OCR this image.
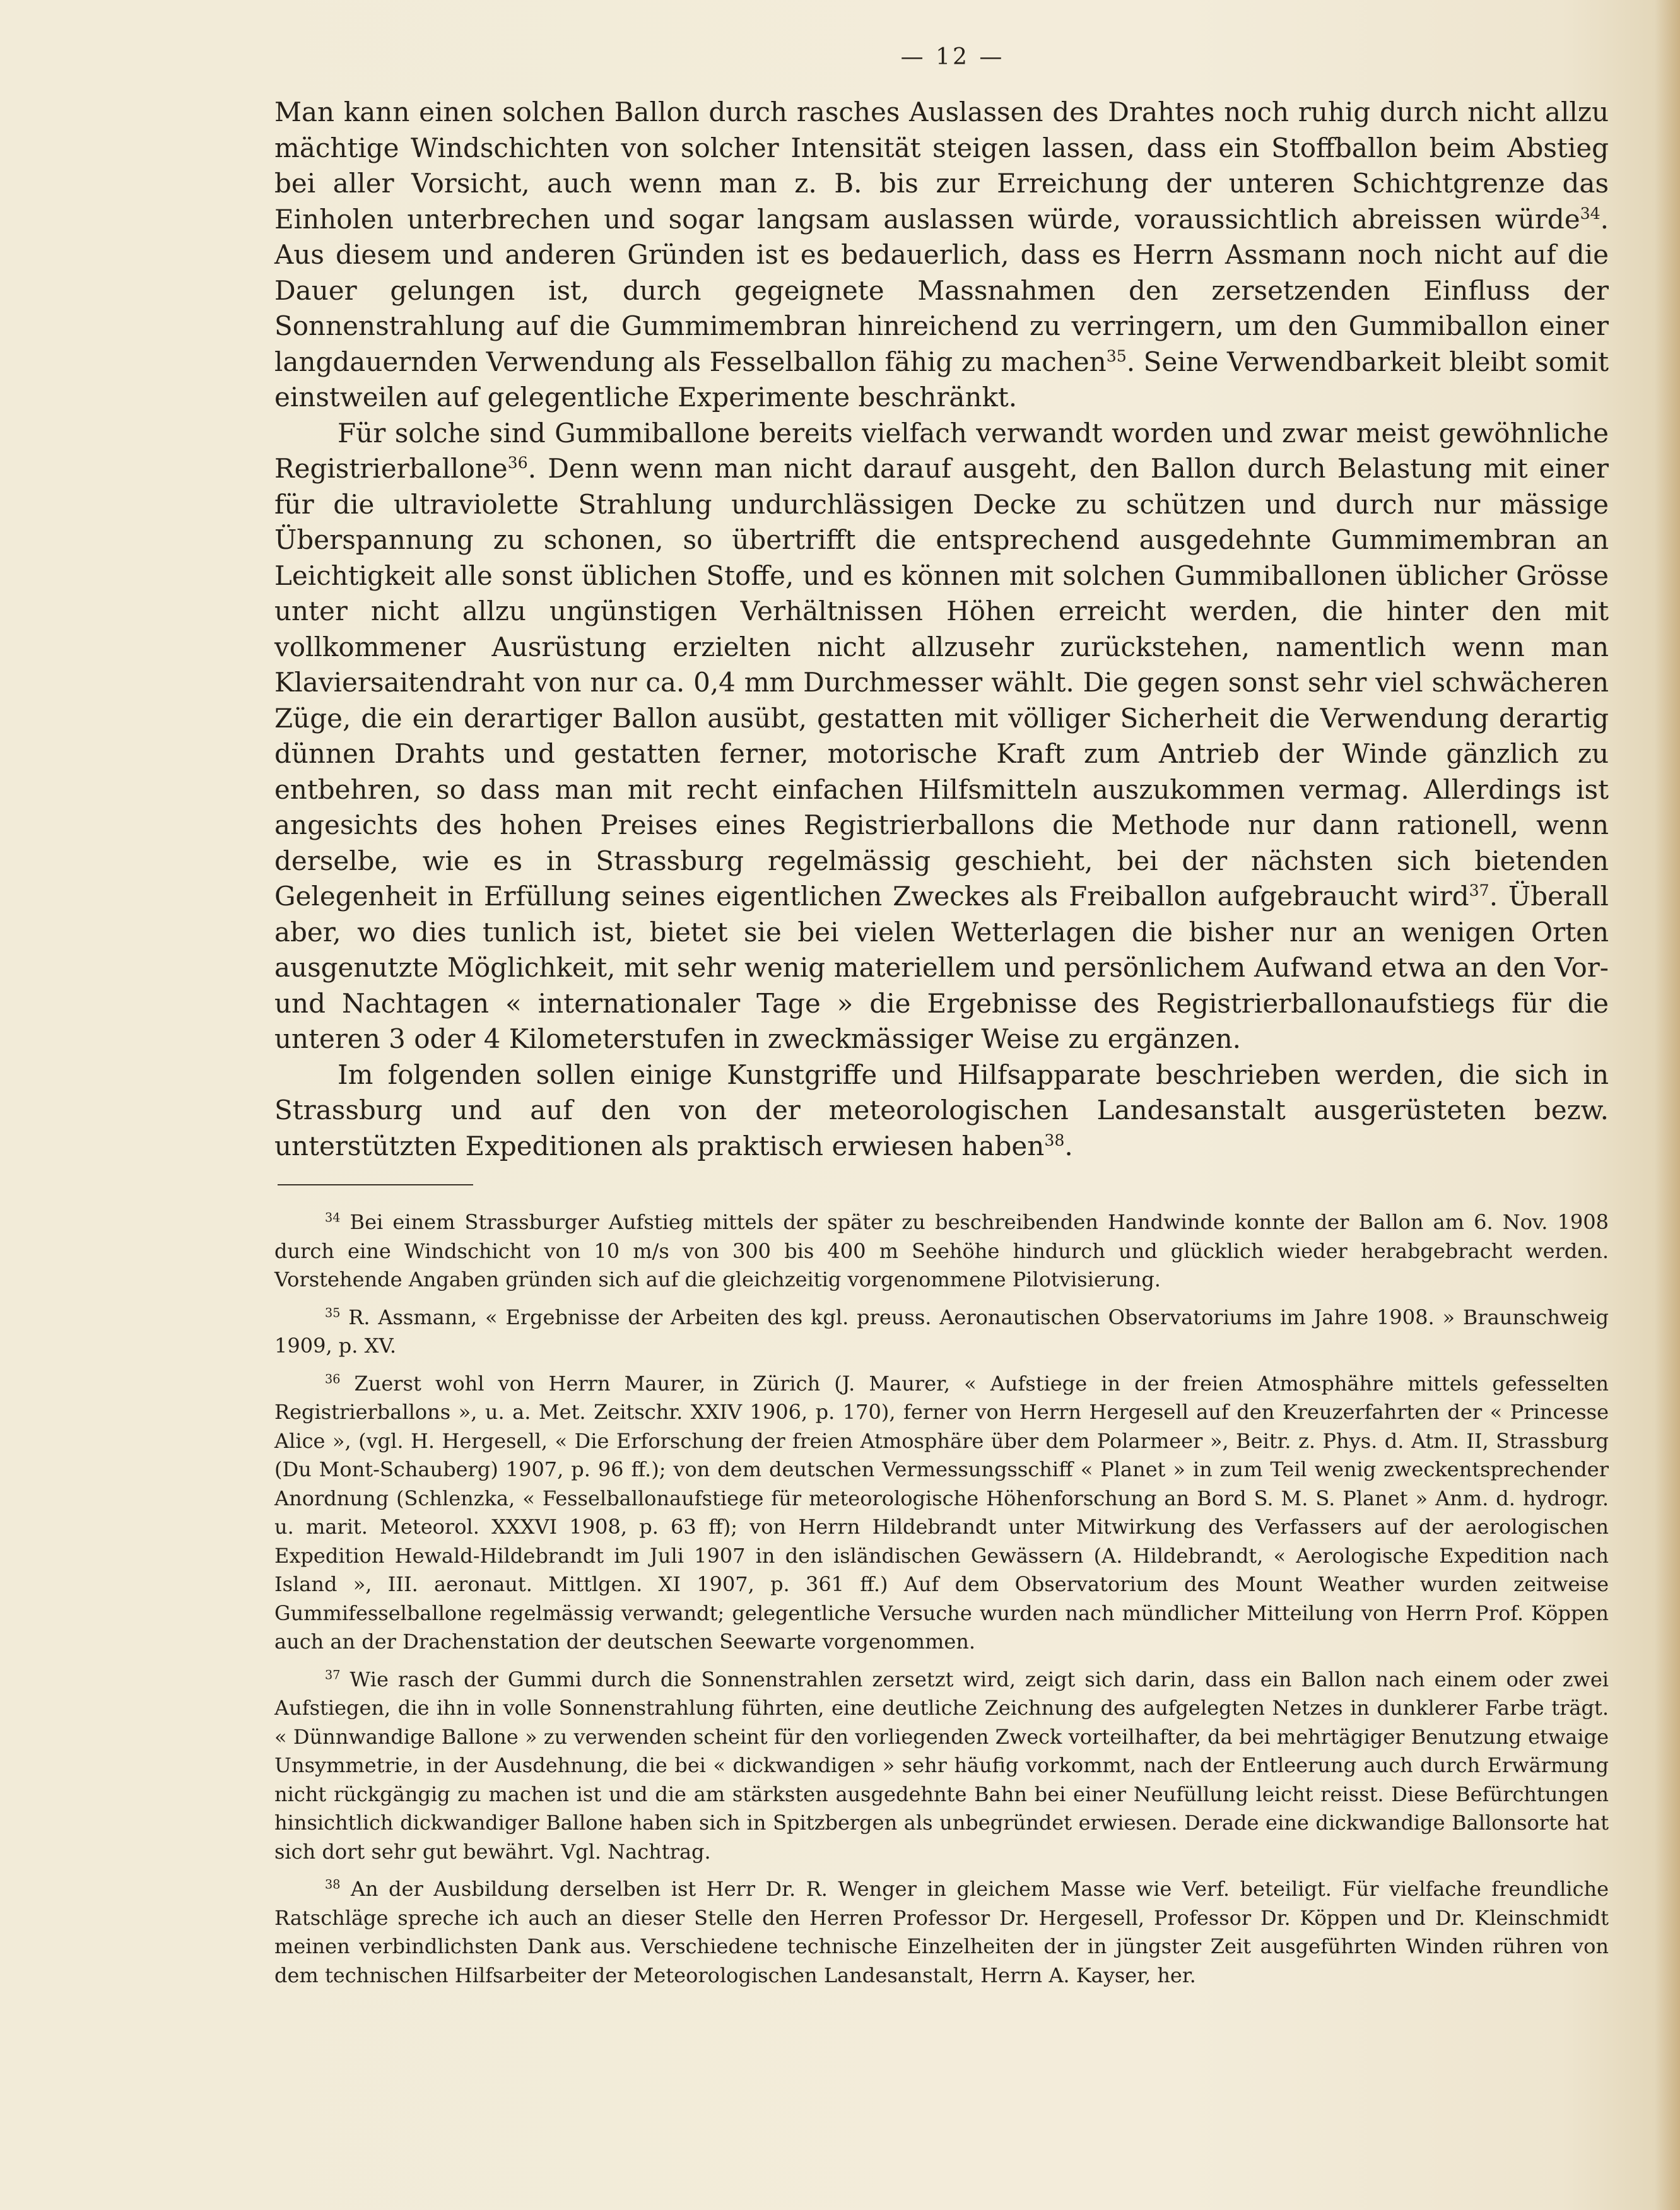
— 12 —

Man kann einen solchen Ballon durch rasches Auslassen des Drahtes noch ruhig durch nicht allzu mächtige Windschichten von solcher Intensität steigen lassen, dass ein Stoffballon beim Abstieg bei aller Vorsicht, auch wenn man z. B. bis zur Erreichung der unteren Schichtgrenze das Einholen unterbrechen und sogar langsam auslassen würde, voraussichtlich abreissen würde$^{34}$. Aus diesem und anderen Gründen ist es bedauerlich, dass es Herrn Assmann noch nicht auf die Dauer gelungen ist, durch gegeignete Massnahmen den zersetzenden Einfluss der Sonnenstrahlung auf die Gummimembran hinreichend zu verringern, um den Gummiballon einer langdauernden Verwendung als Fesselballon fähig zu machen$^{35}$. Seine Verwendbarkeit bleibt somit einstweilen auf gelegentliche Experimente beschränkt.

Für solche sind Gummiballone bereits vielfach verwandt worden und zwar meist gewöhnliche Registrierballone$^{36}$. Denn wenn man nicht darauf ausgeht, den Ballon durch Belastung mit einer für die ultraviolette Strahlung undurchlässigen Decke zu schützen und durch nur mässige Überspannung zu schonen, so übertrifft die entsprechend ausgedehnte Gummimembran an Leichtigkeit alle sonst üblichen Stoffe, und es können mit solchen Gummiballonen üblicher Grösse unter nicht allzu ungünstigen Verhältnissen Höhen erreicht werden, die hinter den mit vollkommener Ausrüstung erzielten nicht allzusehr zurückstehen, namentlich wenn man Klaviersaitendraht von nur ca. 0,4 mm Durchmesser wählt. Die gegen sonst sehr viel schwächeren Züge, die ein derartiger Ballon ausübt, gestatten mit völliger Sicherheit die Verwendung derartig dünnen Drahts und gestatten ferner, motorische Kraft zum Antrieb der Winde gänzlich zu entbehren, so dass man mit recht einfachen Hilfsmitteln auszukommen vermag. Allerdings ist angesichts des hohen Preises eines Registrierballons die Methode nur dann rationell, wenn derselbe, wie es in Strassburg regelmässig geschieht, bei der nächsten sich bietenden Gelegenheit in Erfüllung seines eigentlichen Zweckes als Freiballon aufgebraucht wird$^{37}$. Überall aber, wo dies tunlich ist, bietet sie bei vielen Wetterlagen die bisher nur an wenigen Orten ausgenutzte Möglichkeit, mit sehr wenig materiellem und persönlichem Aufwand etwa an den Vor- und Nachtagen « internationaler Tage » die Ergebnisse des Registrierballonaufstiegs für die unteren 3 oder 4 Kilometerstufen in zweckmässiger Weise zu ergänzen.

Im folgenden sollen einige Kunstgriffe und Hilfsapparate beschrieben werden, die sich in Strassburg und auf den von der meteorologischen Landesanstalt ausgerüsteten bezw. unterstützten Expeditionen als praktisch erwiesen haben$^{38}$.

$^{34}$ Bei einem Strassburger Aufstieg mittels der später zu beschreibenden Handwinde konnte der Ballon am 6. Nov. 1908 durch eine Windschicht von 10 m/s von 300 bis 400 m Seehöhe hindurch und glücklich wieder herabgebracht werden. Vorstehende Angaben gründen sich auf die gleichzeitig vorgenommene Pilotvisierung.

$^{35}$ R. Assmann, « Ergebnisse der Arbeiten des kgl. preuss. Aeronautischen Observatoriums im Jahre 1908. » Braunschweig 1909, p. XV.

$^{36}$ Zuerst wohl von Herrn Maurer, in Zürich (J. Maurer, « Aufstiege in der freien Atmosphähre mittels gefesselten Registrierballons », u. a. Met. Zeitschr. XXIV 1906, p. 170), ferner von Herrn Hergesell auf den Kreuzerfahrten der « Princesse Alice », (vgl. H. Hergesell, « Die Erforschung der freien Atmosphäre über dem Polarmeer », Beitr. z. Phys. d. Atm. II, Strassburg (Du Mont-Schauberg) 1907, p. 96 ff.); von dem deutschen Vermessungsschiff « Planet » in zum Teil wenig zweckentsprechender Anordnung (Schlenzka, « Fesselballonaufstiege für meteorologische Höhenforschung an Bord S. M. S. Planet » Anm. d. hydrogr. u. marit. Meteorol. XXXVI 1908, p. 63 ff); von Herrn Hildebrandt unter Mitwirkung des Verfassers auf der aerologischen Expedition Hewald-Hildebrandt im Juli 1907 in den isländischen Gewässern (A. Hildebrandt, « Aerologische Expedition nach Island », III. aeronaut. Mittlgen. XI 1907, p. 361 ff.) Auf dem Observatorium des Mount Weather wurden zeitweise Gummifesselballone regelmässig verwandt; gelegentliche Versuche wurden nach mündlicher Mitteilung von Herrn Prof. Köppen auch an der Drachenstation der deutschen Seewarte vorgenommen.

$^{37}$ Wie rasch der Gummi durch die Sonnenstrahlen zersetzt wird, zeigt sich darin, dass ein Ballon nach einem oder zwei Aufstiegen, die ihn in volle Sonnenstrahlung führten, eine deutliche Zeichnung des aufgelegten Netzes in dunklerer Farbe trägt. « Dünnwandige Ballone » zu verwenden scheint für den vorliegenden Zweck vorteilhafter, da bei mehrtägiger Benutzung etwaige Unsymmetrie, in der Ausdehnung, die bei « dickwandigen » sehr häufig vorkommt, nach der Entleerung auch durch Erwärmung nicht rückgängig zu machen ist und die am stärksten ausgedehnte Bahn bei einer Neufüllung leicht reisst. Diese Befürchtungen hinsichtlich dickwandiger Ballone haben sich in Spitzbergen als unbegründet erwiesen. Derade eine dickwandige Ballonsorte hat sich dort sehr gut bewährt. Vgl. Nachtrag.

$^{38}$ An der Ausbildung derselben ist Herr Dr. R. Wenger in gleichem Masse wie Verf. beteiligt. Für vielfache freundliche Ratschläge spreche ich auch an dieser Stelle den Herren Professor Dr. Hergesell, Professor Dr. Köppen und Dr. Kleinschmidt meinen verbindlichsten Dank aus. Verschiedene technische Einzelheiten der in jüngster Zeit ausgeführten Winden rühren von dem technischen Hilfsarbeiter der Meteorologischen Landesanstalt, Herrn A. Kayser, her.
